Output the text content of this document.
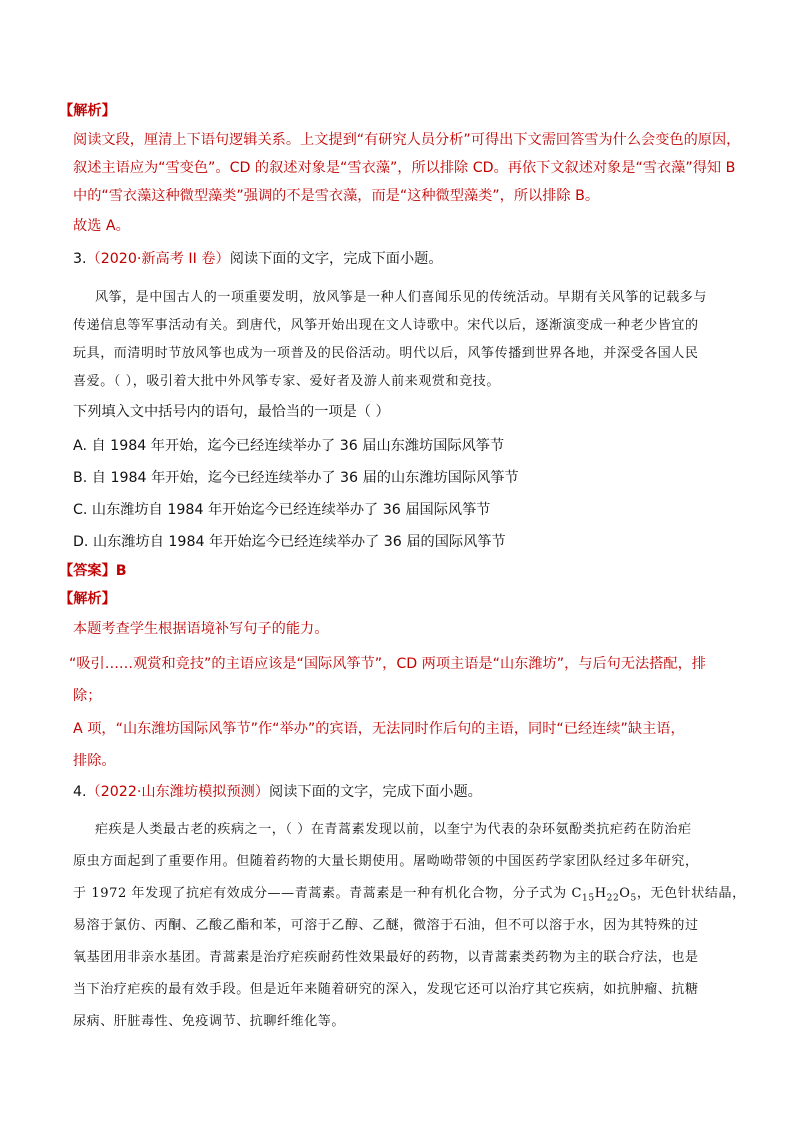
【解析】
阅读文段，厘清上下语句逻辑关系。上文提到“有研究人员分析”可得出下文需回答雪为什么会变色的原因，
叙述主语应为“雪变色”。CD 的叙述对象是“雪衣藻”，所以排除 CD。再依下文叙述对象是“雪衣藻”得知 B
中的“雪衣藻这种微型藻类”强调的不是雪衣藻，而是“这种微型藻类”，所以排除 B。
故选 A。
3.（2020·新高考 II 卷）阅读下面的文字，完成下面小题。
风筝，是中国古人的一项重要发明，放风筝是一种人们喜闻乐见的传统活动。早期有关风筝的记载多与
传递信息等军事活动有关。到唐代，风筝开始出现在文人诗歌中。宋代以后，逐渐演变成一种老少皆宜的
玩具，而清明时节放风筝也成为一项普及的民俗活动。明代以后，风筝传播到世界各地，并深受各国人民
喜爱。（ ），吸引着大批中外风筝专家、爱好者及游人前来观赏和竞技。
下列填入文中括号内的语句，最恰当的一项是（ ）
A. 自 1984 年开始，迄今已经连续举办了 36 届山东潍坊国际风筝节
B. 自 1984 年开始，迄今已经连续举办了 36 届的山东潍坊国际风筝节
C. 山东潍坊自 1984 年开始迄今已经连续举办了 36 届国际风筝节
D. 山东潍坊自 1984 年开始迄今已经连续举办了 36 届的国际风筝节
【答案】B
【解析】
本题考查学生根据语境补写句子的能力。
“吸引……观赏和竞技”的主语应该是“国际风筝节”，CD 两项主语是“山东潍坊”，与后句无法搭配，排
除；
A 项，“山东潍坊国际风筝节”作“举办”的宾语，无法同时作后句的主语，同时“已经连续”缺主语，
排除。
4.（2022·山东潍坊模拟预测）阅读下面的文字，完成下面小题。
疟疾是人类最古老的疾病之一，（ ）在青蒿素发现以前，以奎宁为代表的杂环氨酚类抗疟药在防治疟
原虫方面起到了重要作用。但随着药物的大量长期使用。屠呦呦带领的中国医药学家团队经过多年研究，
于 1972 年发现了抗疟有效成分——青蒿素。青蒿素是一种有机化合物，分子式为 $C_{15}H_{22}O_5$，无色针状结晶，
易溶于氯仿、丙酮、乙酸乙酯和苯，可溶于乙醇、乙醚，微溶于石油，但不可以溶于水，因为其特殊的过
氧基团用非亲水基团。青蒿素是治疗疟疾耐药性效果最好的药物，以青蒿素类药物为主的联合疗法，也是
当下治疗疟疾的最有效手段。但是近年来随着研究的深入，发现它还可以治疗其它疾病，如抗肿瘤、抗糖
尿病、肝脏毒性、免疫调节、抗聊纤维化等。
